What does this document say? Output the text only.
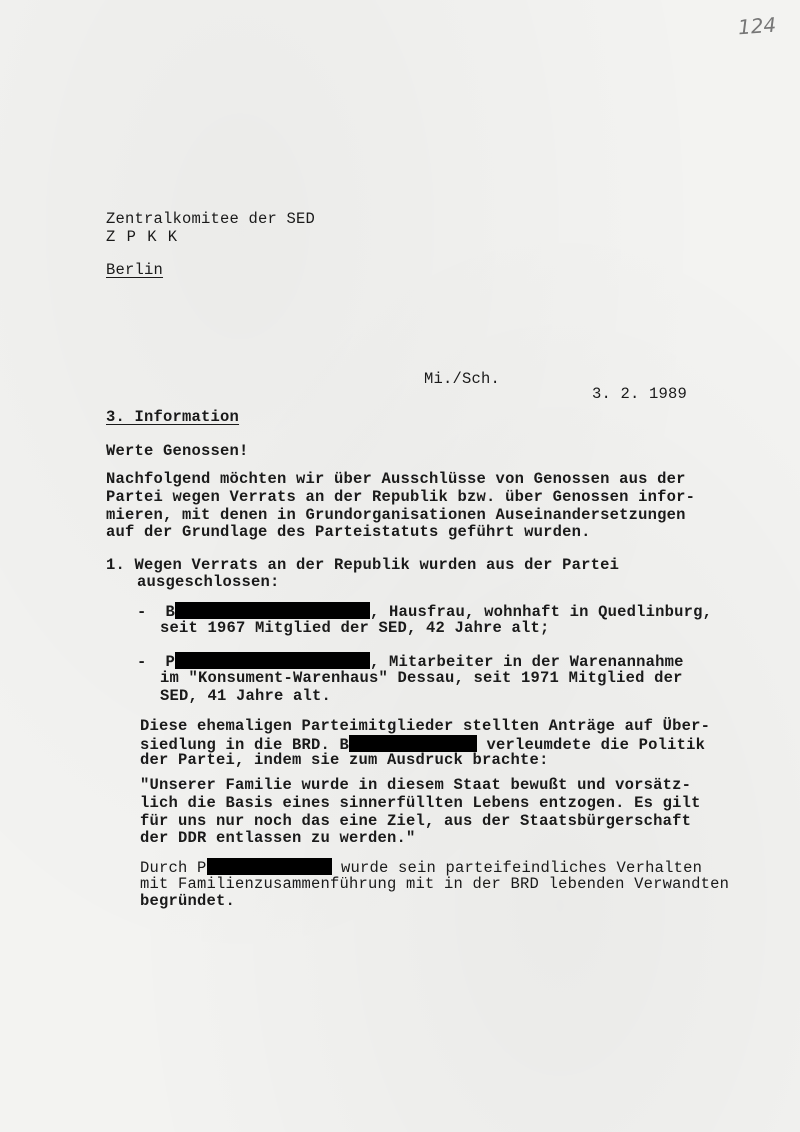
124
Zentralkomitee der SED
Z P K K
Berlin
Mi./Sch.
3. 2. 1989
3. Information
Werte Genossen!
Nachfolgend möchten wir über Ausschlüsse von Genossen aus der
Partei wegen Verrats an der Republik bzw. über Genossen infor-
mieren, mit denen in Grundorganisationen Auseinandersetzungen
auf der Grundlage des Parteistatuts geführt wurden.
1. Wegen Verrats an der Republik wurden aus der Partei
ausgeschlossen:
- B	, Hausfrau, wohnhaft in Quedlinburg,
seit 1967 Mitglied der SED, 42 Jahre alt;
- P	, Mitarbeiter in der Warenannahme
im "Konsument-Warenhaus" Dessau, seit 1971 Mitglied der
SED, 41 Jahre alt.
Diese ehemaligen Parteimitglieder stellten Anträge auf Über-
siedlung in die BRD. B	verleumdete die Politik
der Partei, indem sie zum Ausdruck brachte:
"Unserer Familie wurde in diesem Staat bewußt und vorsätz-
lich die Basis eines sinnerfüllten Lebens entzogen. Es gilt
für uns nur noch das eine Ziel, aus der Staatsbürgerschaft
der DDR entlassen zu werden."
Durch P	wurde sein parteifeindliches Verhalten
mit Familienzusammenführung mit in der BRD lebenden Verwandten
begründet.
